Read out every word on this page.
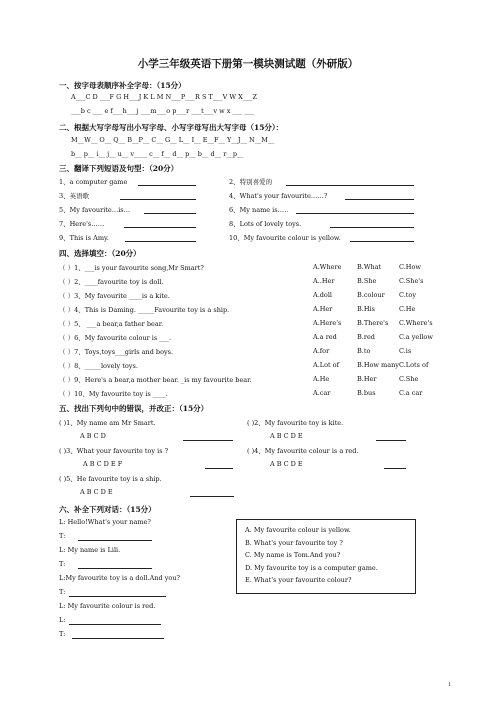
小学三年级英语下册第一模块测试题（外研版）
一、按字母表顺序补全字母：（15分）
A___C D ___F G H___J K L M N___P___R S T___V W X___Z
___b c ___ e f___h___j ___m___o p___r ___t___v w x ___ ___
二、根据大写字母写出小写字母、小写字母写出大写字母（15分）：
M__W__ O__ Q__ B__P__ C__ G__ L__ I__ E__F__ Y__J__ N__M__
b__ p__ i__ j__ u__ v____ c__ f__ d__ p__ b__ d__ r__p__
三、翻译下列短语及句型：（20分）
四、选择填空：（20分）
五、找出下列句中的错误，并改正：（15分）
六、补全下列对话：（15分）
A. My favourite colour is yellow.
B. What's your favourite toy ?
C. My name is Tom.And you?
D. My favourite toy is a computer game.
E. What's your favourite colour?
1
1、a computer game	2、特别喜爱的
3、英语歌	4、What's your favourite……?
5、My favourite…is…	6、My name is…..
7、Here's……	8、Lots of lovely toys.
9、This is Amy.	10、My favourite colour is yellow.
（ ）1、___is your favourite song,Mr Smart?	A.Where B.What	C.How
（ ）2、____favourite toy is doll.	A..Her	B.She	C.She's
（ ）3、My favourite ____is a kite.	A.doll	B.colour C.toy
（ ）4、This is Daming. _____Favourite toy is a ship.	A.Her	B.His	C.He
（ ）5、 ___a bear,a father bear.	A.Here's B.There's C.Where's
（ ）6、My favourite colour is ___.	A.a red	B.red	C.a yellow
（ ）7、Toys,toys___girls and boys.	A.for	B.to	C.is
（ ）8、_____lovely toys.	A.Lot of	B.How many C.Lots of
（ ）9、Here's a bear,a mother bear. _is my favourite bear.	A.He	B.Her	C.She
（ ）10、My favourite toy is ____.	A.car	B.bus	C.a car
( )1、My name am Mr Smart.
A B C D
( )2、My favourite toy is kite.
A B C D E
( )3、What your favourite toy is ?
A B C D E F
( )4、My favourite colour is a red.
A B C D E
( )5、He favourite toy is a ship.
A B C D E
L: Hello!What's your name?
T:
L: My name is Lili.
T:
L:My favourite toy is a doll.And you?
T:
L: My favourite colour is red.
L:
T:
